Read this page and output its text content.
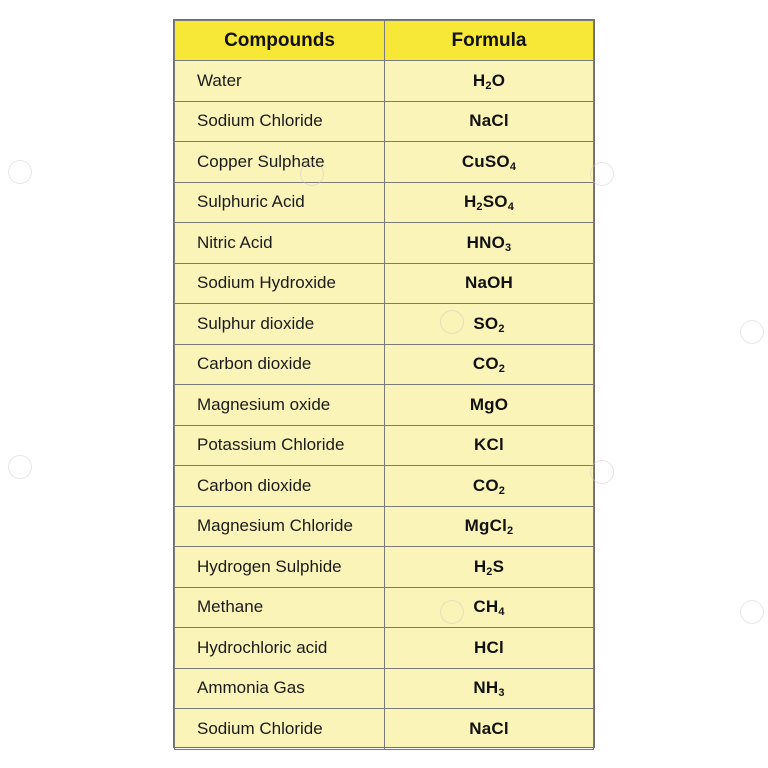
Compounds	Formula
Water	$H_2O$
Sodium Chloride	NaCl
Copper Sulphate	CuSO$_4$
Sulphuric Acid	$H_2SO_4$
Nitric Acid	$HNO_3$
Sodium Hydroxide	NaOH
Sulphur dioxide	$SO_2$
Carbon dioxide	$CO_2$
Magnesium oxide	MgO
Potassium Chloride	KCl
Carbon dioxide	$CO_2$
Magnesium Chloride	MgCl$_2$
Hydrogen Sulphide	$H_2S$
Methane	$CH_4$
Hydrochloric acid	HCl
Ammonia Gas	$NH_3$
Sodium Chloride	NaCl
